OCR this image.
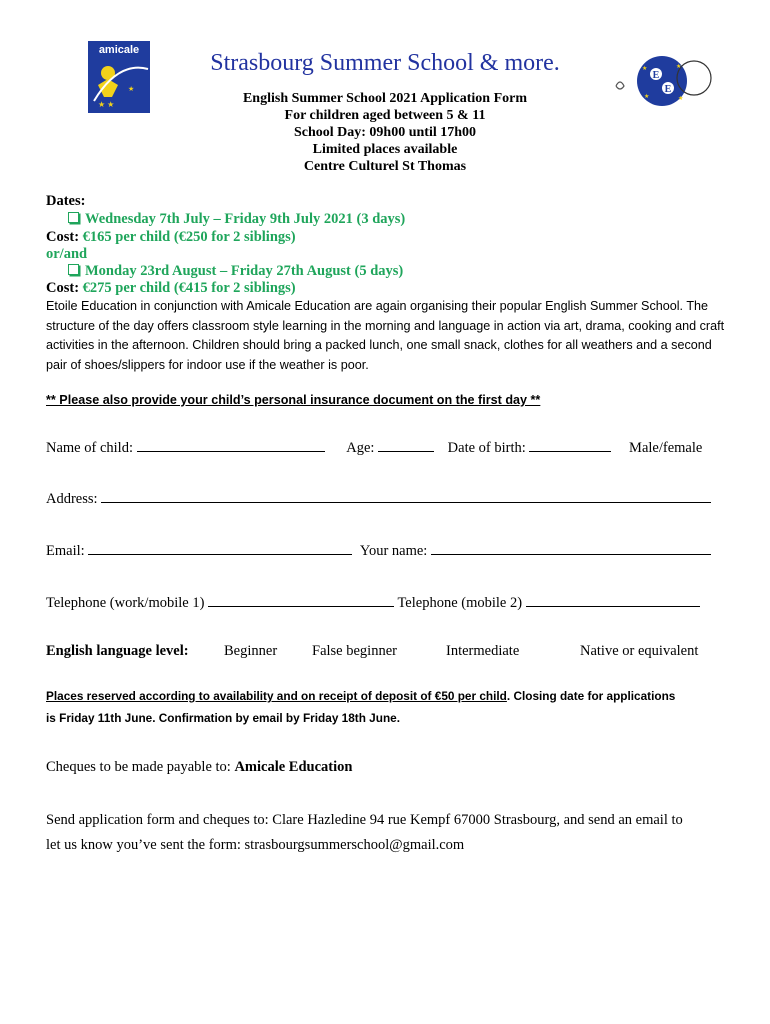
amicale
★ ★
★
E
E
★	★
★	★
Strasbourg Summer School & more.
English Summer School 2021 Application Form
For children aged between 5 & 11
School Day: 09h00 until 17h00
Limited places available
Centre Culturel St Thomas
Dates:
Wednesday 7th July – Friday 9th July 2021 (3 days)
Cost: €165 per child (€250 for 2 siblings)
or/and
Monday 23rd August – Friday 27th August (5 days)
Cost: €275 per child (€415 for 2 siblings)
Etoile Education in conjunction with Amicale Education are again organising their popular English Summer School. The structure of the day offers classroom style learning in the morning and language in action via art, drama, cooking and craft activities in the afternoon. Children should bring a packed lunch, one small snack, clothes for all weathers and a second pair of shoes/slippers for indoor use if the weather is poor.
** Please also provide your child’s personal insurance document on the first day **
Name of child:	Age:	Date of birth:	Male/female
Address:
Email:	Your name:
Telephone (work/mobile 1)	Telephone (mobile 2)
English language level: Beginner False beginner	Intermediate	Native or equivalent
Places reserved according to availability and on receipt of deposit of €50 per child. Closing date for applications
is Friday 11th June. Confirmation by email by Friday 18th June.
Cheques to be made payable to: Amicale Education
Send application form and cheques to: Clare Hazledine 94 rue Kempf 67000 Strasbourg, and send an email to
let us know you’ve sent the form: strasbourgsummerschool@gmail.com
